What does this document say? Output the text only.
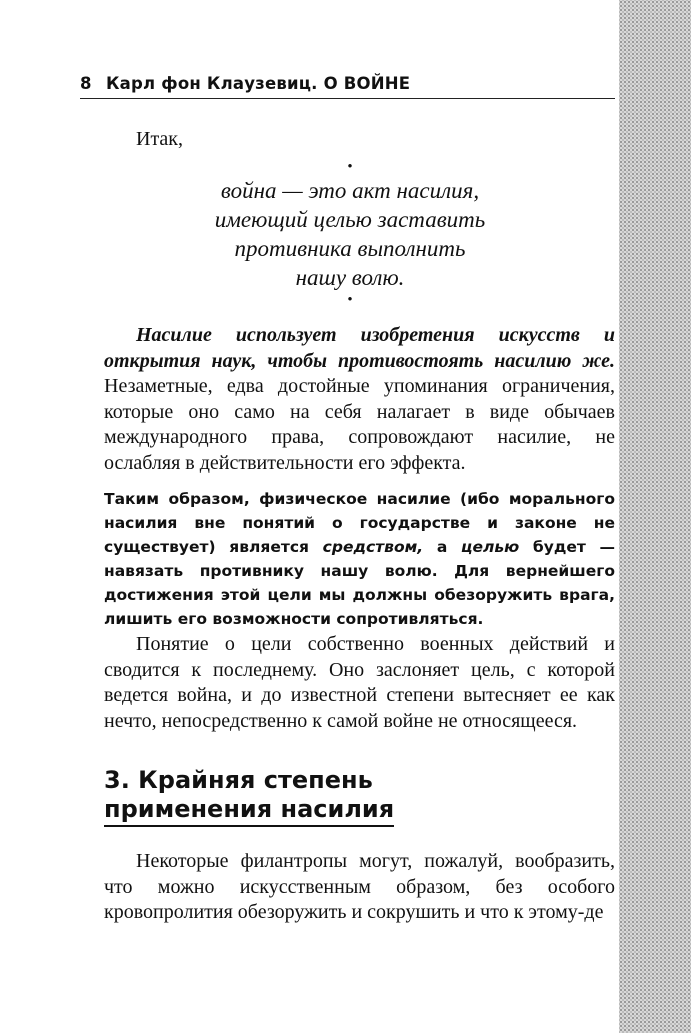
8 Карл фон Клаузевиц. О ВОЙНЕ
Итак,
•
война — это акт насилия,
имеющий целью заставить
противника выполнить
нашу волю.
•

Насилие использует изобретения искусств и открытия наук, чтобы противостоять насилию же. Незаметные, едва достойные упоминания ограничения, которые оно само на себя налагает в виде обычаев международного права, сопровождают насилие, не ослабляя в действительности его эффекта.

Таким образом, физическое насилие (ибо морального насилия вне понятий о государстве и законе не существует) является средством, а целью будет — навязать противнику нашу волю. Для вернейшего достижения этой цели мы должны обезоружить врага, лишить его возможности сопротивляться.

Понятие о цели собственно военных действий и сводится к последнему. Оно заслоняет цель, с которой ведется война, и до известной степени вытесняет ее как нечто, непосредственно к самой войне не относящееся.

3. Крайняя степень
применения насилия

Некоторые филантропы могут, пожалуй, вообразить, что можно искусственным образом, без особого кровопролития обезоружить и сокрушить и что к этому-де
